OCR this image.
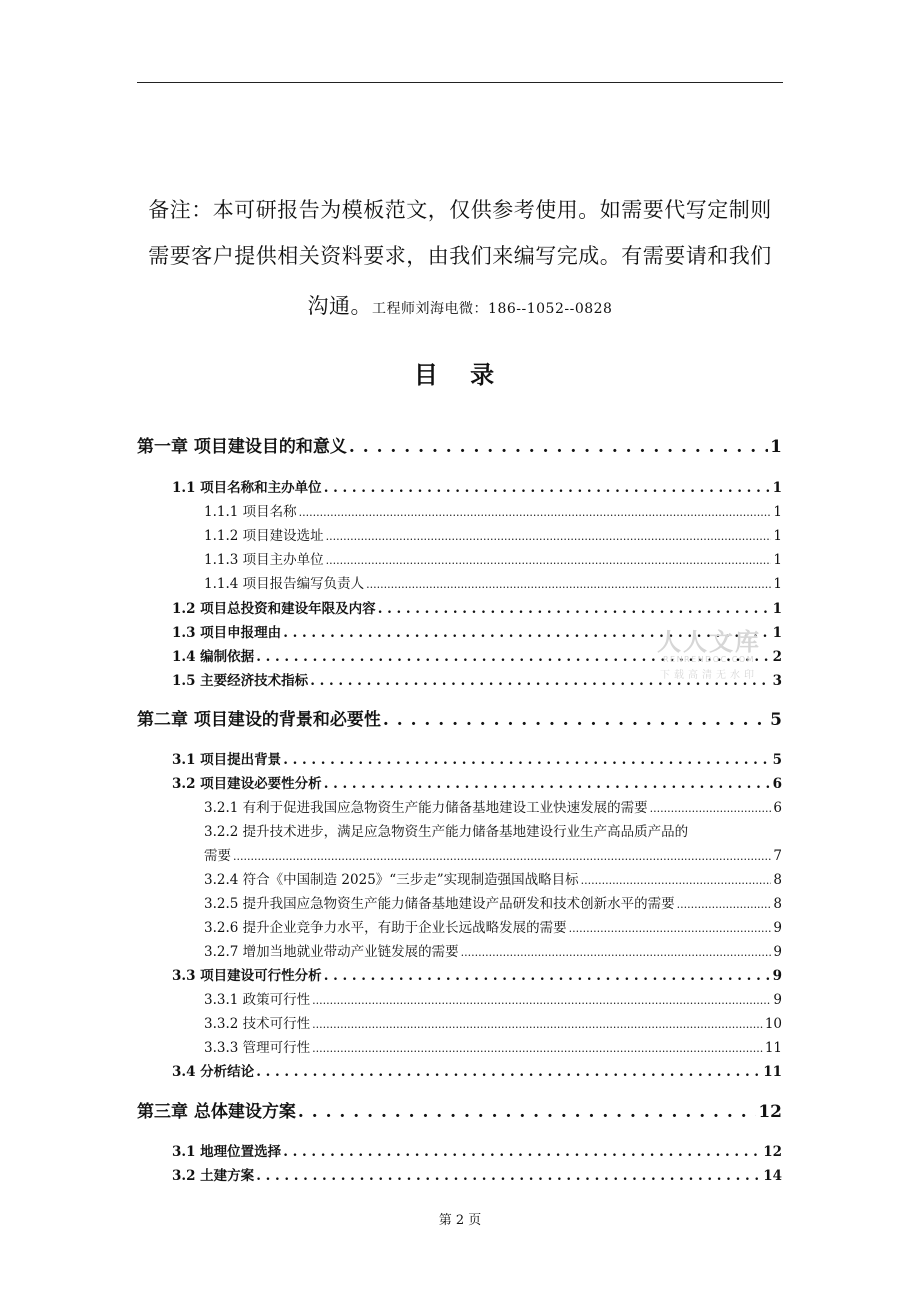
备注：本可研报告为模板范文，仅供参考使用。如需要代写定制则
需要客户提供相关资料要求，由我们来编写完成。有需要请和我们
沟通。工程师刘海电微：186--1052--0828
目 录
第一章 项目建设目的和意义 . . .	1
1.1 项目名称和主办单位 . . .	1
1.1.1 项目名称 .....	1
1.1.2 项目建设选址 .....	1
1.1.3 项目主办单位 .....	1
1.1.4 项目报告编写负责人 .....	1
1.2 项目总投资和建设年限及内容 . . .	1
1.3 项目申报理由 . . .	1
1.4 编制依据 . . .	2
1.5 主要经济技术指标 . . .	3
第二章 项目建设的背景和必要性 . . .	5
3.1 项目提出背景 . . .	5
3.2 项目建设必要性分析 . . .	6
3.2.1 有利于促进我国应急物资生产能力储备基地建设工业快速发展的需要 .....	6
3.2.2 提升技术进步，满足应急物资生产能力储备基地建设行业生产高品质产品的
需要 .....	7
3.2.4 符合《中国制造 2025》“三步走”实现制造强国战略目标 .....	8
3.2.5 提升我国应急物资生产能力储备基地建设产品研发和技术创新水平的需要 .....	8
3.2.6 提升企业竞争力水平，有助于企业长远战略发展的需要 .....	9
3.2.7 增加当地就业带动产业链发展的需要 .....	9
3.3 项目建设可行性分析 . . .	9
3.3.1 政策可行性 .....	9
3.3.2 技术可行性 .....	10
3.3.3 管理可行性 .....	11
3.4 分析结论 . . .	11
第三章 总体建设方案 . . .	12
3.1 地理位置选择 . . .	12
3.2 土建方案 . . .	14
人人文库
RENRENDOC.COM
下载高清无水印
第 2 页
